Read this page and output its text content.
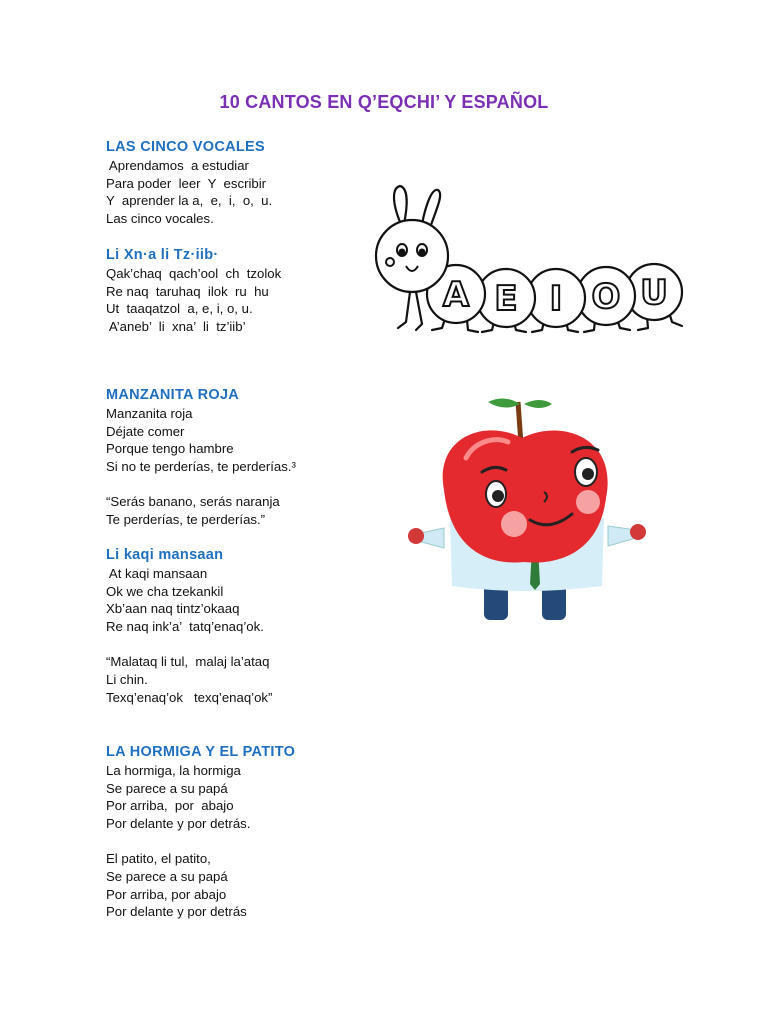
10 CANTOS EN Q’EQCHI’ Y ESPAÑOL
LAS CINCO VOCALES
Aprendamos  a estudiar
Para poder  leer  Y  escribir
Y  aprender la a,  e,  i,  o,  u.
Las cinco vocales.
Li Xn·a li Tz·iib·
Qak’chaq  qach’ool  ch  tzolok
Re naq  taruhaq  ilok  ru  hu
Ut  taaqatzol  a, e, i, o, u.
A’aneb’  li  xna’  li  tz’iib’
MANZANITA ROJA
Manzanita roja
Déjate comer
Porque tengo hambre
Si no te perderías, te perderías.³
“Serás banano, serás naranja
Te perderías, te perderías.”
Li kaqi mansaan
At kaqi mansaan
Ok we cha tzekankil
Xb’aan naq tintz’okaaq
Re naq ink’a’  tatq’enaq’ok.
“Malataq li tul,  malaj la’ataq
Li chin.
Texq’enaq’ok   texq’enaq’ok”
LA HORMIGA Y EL PATITO
La hormiga, la hormiga
Se parece a su papá
Por arriba,  por  abajo
Por delante y por detrás.
El patito, el patito,
Se parece a su papá
Por arriba, por abajo
Por delante y por detrás
A E I O U
